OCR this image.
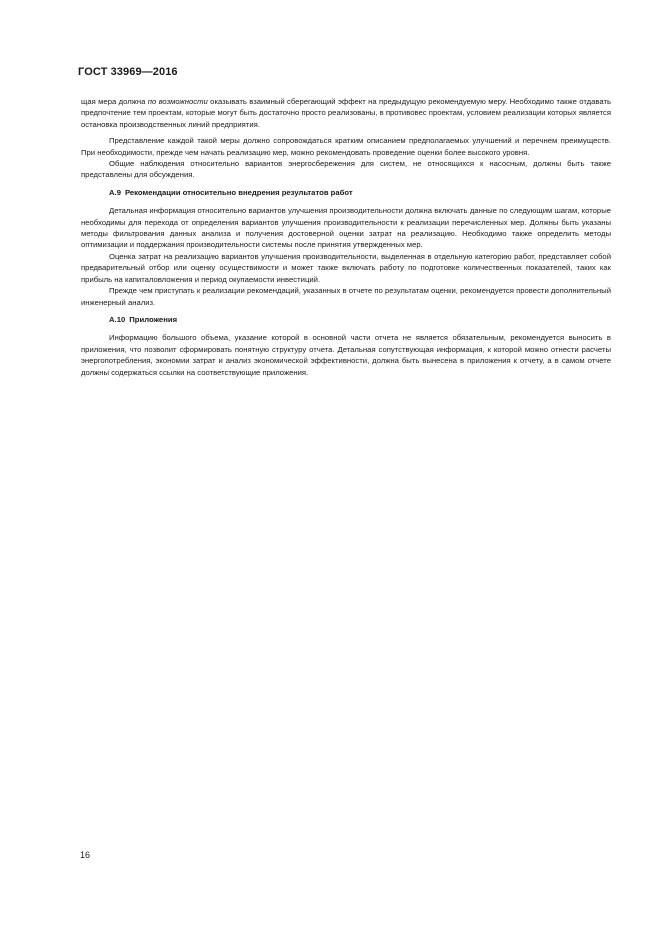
ГОСТ 33969—2016

щая мера должна по возможности оказывать взаимный сберегающий эффект на предыдущую рекомендуемую меру. Необходимо также отдавать предпочтение тем проектам, которые могут быть достаточно просто реализованы, в противовес проектам, условием реализации которых является остановка производственных линий предприятия.

Представление каждой такой меры должно сопровождаться кратким описанием предполагаемых улучшений и перечнем преимуществ. При необходимости, прежде чем начать реализацию мер, можно рекомендовать проведение оценки более высокого уровня.

Общие наблюдения относительно вариантов энергосбережения для систем, не относящихся к насосным, должны быть также представлены для обсуждения.

А.9 Рекомендации относительно внедрения результатов работ

Детальная информация относительно вариантов улучшения производительности должна включать данные по следующим шагам, которые необходимы для перехода от определения вариантов улучшения производительности к реализации перечисленных мер. Должны быть указаны методы фильтрования данных анализа и получения достоверной оценки затрат на реализацию. Необходимо также определить методы оптимизации и поддержания производительности системы после принятия утвержденных мер.

Оценка затрат на реализацию вариантов улучшения производительности, выделенная в отдельную категорию работ, представляет собой предварительный отбор или оценку осуществимости и может также включать работу по подготовке количественных показателей, таких как прибыль на капиталовложения и период окупаемости инвестиций.

Прежде чем приступать к реализации рекомендаций, указанных в отчете по результатам оценки, рекомендуется провести дополнительный инженерный анализ.

А.10 Приложения

Информацию большого объема, указание которой в основной части отчета не является обязательным, рекомендуется выносить в приложения, что позволит сформировать понятную структуру отчета. Детальная сопутствующая информация, к которой можно отнести расчеты энергопотребления, экономии затрат и анализ экономической эффективности, должна быть вынесена в приложения к отчету, а в самом отчете должны содержаться ссылки на соответствующие приложения.

16
